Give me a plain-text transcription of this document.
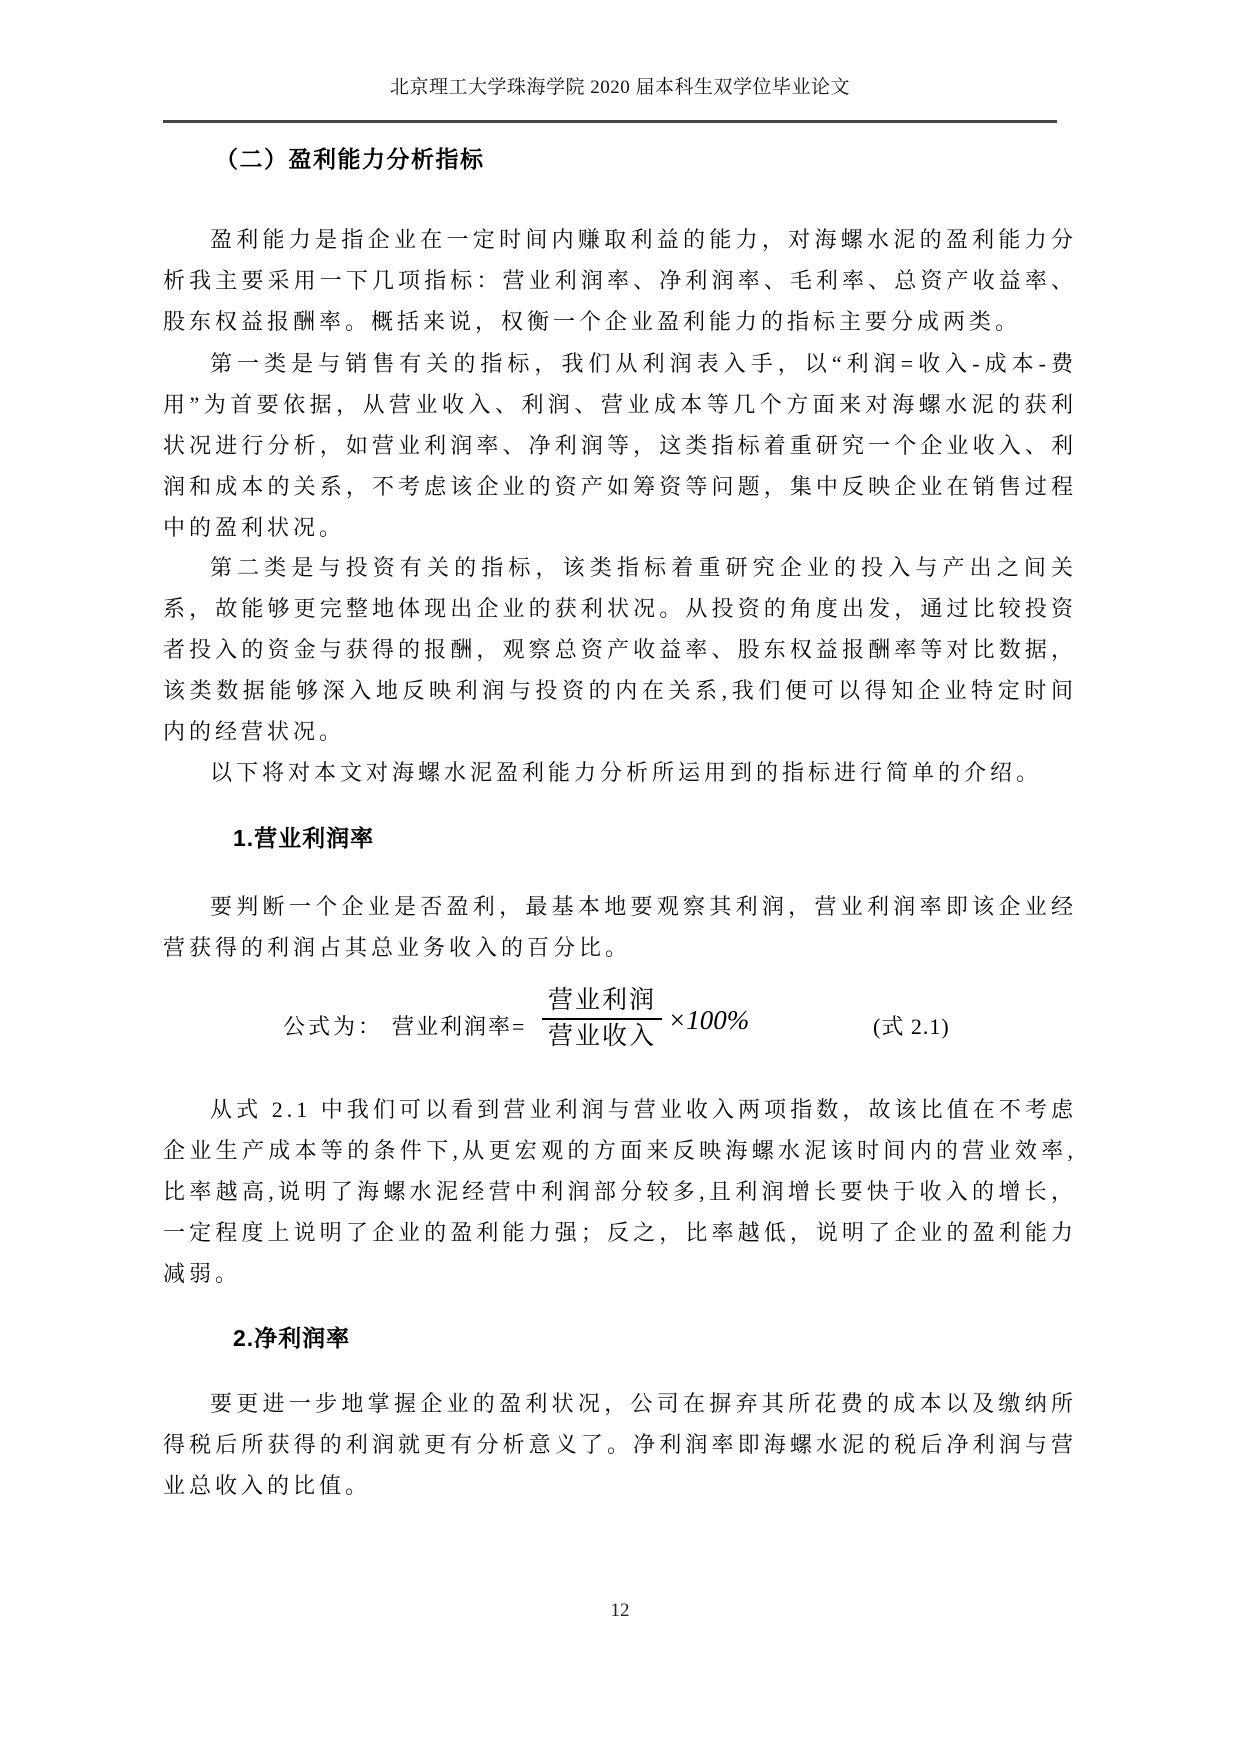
北京理工大学珠海学院 2020 届本科生双学位毕业论文
（二）盈利能力分析指标
盈利能力是指企业在一定时间内赚取利益的能力，对海螺水泥的盈利能力分析我主要采用一下几项指标：营业利润率、净利润率、毛利率、总资产收益率、股东权益报酬率。概括来说，权衡一个企业盈利能力的指标主要分成两类。
第一类是与销售有关的指标，我们从利润表入手，以“利润=收入-成本-费用”为首要依据，从营业收入、利润、营业成本等几个方面来对海螺水泥的获利状况进行分析，如营业利润率、净利润等，这类指标着重研究一个企业收入、利润和成本的关系，不考虑该企业的资产如筹资等问题，集中反映企业在销售过程中的盈利状况。
第二类是与投资有关的指标，该类指标着重研究企业的投入与产出之间关系，故能够更完整地体现出企业的获利状况。从投资的角度出发，通过比较投资者投入的资金与获得的报酬，观察总资产收益率、股东权益报酬率等对比数据，该类数据能够深入地反映利润与投资的内在关系,我们便可以得知企业特定时间内的经营状况。
以下将对本文对海螺水泥盈利能力分析所运用到的指标进行简单的介绍。
1.营业利润率
要判断一个企业是否盈利，最基本地要观察其利润，营业利润率即该企业经营获得的利润占其总业务收入的百分比。
公式为： 营业利润率=
营业利润
营业收入
×100%	(式 2.1)
从式 2.1 中我们可以看到营业利润与营业收入两项指数，故该比值在不考虑企业生产成本等的条件下,从更宏观的方面来反映海螺水泥该时间内的营业效率,比率越高,说明了海螺水泥经营中利润部分较多,且利润增长要快于收入的增长，一定程度上说明了企业的盈利能力强；反之，比率越低，说明了企业的盈利能力减弱。
2.净利润率
要更进一步地掌握企业的盈利状况，公司在摒弃其所花费的成本以及缴纳所得税后所获得的利润就更有分析意义了。净利润率即海螺水泥的税后净利润与营业总收入的比值。
12
